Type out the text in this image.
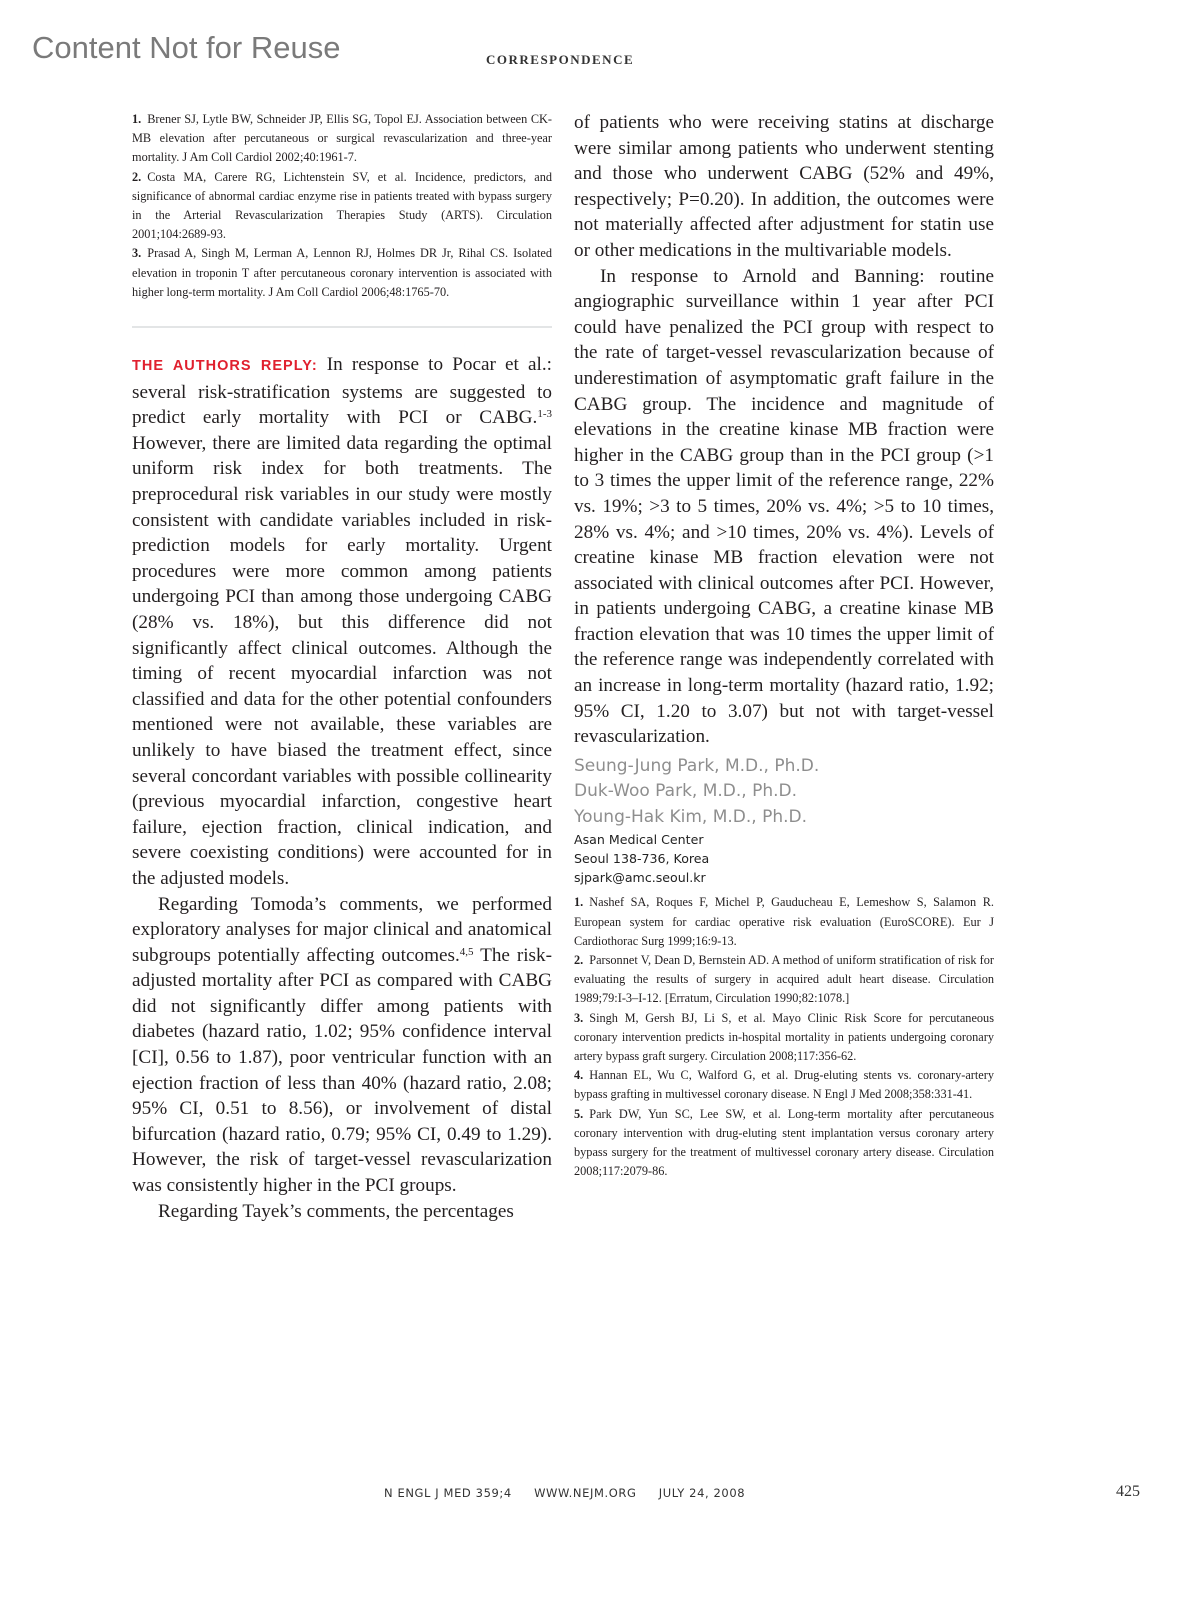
Content Not for Reuse	CORRESPONDENCE
1. Brener SJ, Lytle BW, Schneider JP, Ellis SG, Topol EJ. Association between CK-MB elevation after percutaneous or surgical revascularization and three-year mortality. J Am Coll Cardiol 2002;40:1961-7.
2. Costa MA, Carere RG, Lichtenstein SV, et al. Incidence, predictors, and significance of abnormal cardiac enzyme rise in patients treated with bypass surgery in the Arterial Revascularization Therapies Study (ARTS). Circulation 2001;104:2689-93.
3. Prasad A, Singh M, Lerman A, Lennon RJ, Holmes DR Jr, Rihal CS. Isolated elevation in troponin T after percutaneous coronary intervention is associated with higher long-term mortality. J Am Coll Cardiol 2006;48:1765-70.

THE AUTHORS REPLY: In response to Pocar et al.: several risk-stratification systems are suggested to predict early mortality with PCI or CABG.$^{1-3}$ However, there are limited data regarding the optimal uniform risk index for both treatments. The preprocedural risk variables in our study were mostly consistent with candidate variables included in risk-prediction models for early mortality. Urgent procedures were more common among patients undergoing PCI than among those undergoing CABG (28% vs. 18%), but this difference did not significantly affect clinical outcomes. Although the timing of recent myocardial infarction was not classified and data for the other potential confounders mentioned were not available, these variables are unlikely to have biased the treatment effect, since several concordant variables with possible collinearity (previous myocardial infarction, congestive heart failure, ejection fraction, clinical indication, and severe coexisting conditions) were accounted for in the adjusted models.

Regarding Tomoda’s comments, we performed exploratory analyses for major clinical and anatomical subgroups potentially affecting outcomes.$^{4,5}$ The risk-adjusted mortality after PCI as compared with CABG did not significantly differ among patients with diabetes (hazard ratio, 1.02; 95% confidence interval [CI], 0.56 to 1.87), poor ventricular function with an ejection fraction of less than 40% (hazard ratio, 2.08; 95% CI, 0.51 to 8.56), or involvement of distal bifurcation (hazard ratio, 0.79; 95% CI, 0.49 to 1.29). However, the risk of target-vessel revascularization was consistently higher in the PCI groups.

Regarding Tayek’s comments, the percentages

of patients who were receiving statins at discharge were similar among patients who underwent stenting and those who underwent CABG (52% and 49%, respectively; P=0.20). In addition, the outcomes were not materially affected after adjustment for statin use or other medications in the multivariable models.

In response to Arnold and Banning: routine angiographic surveillance within 1 year after PCI could have penalized the PCI group with respect to the rate of target-vessel revascularization because of underestimation of asymptomatic graft failure in the CABG group. The incidence and magnitude of elevations in the creatine kinase MB fraction were higher in the CABG group than in the PCI group (>1 to 3 times the upper limit of the reference range, 22% vs. 19%; >3 to 5 times, 20% vs. 4%; >5 to 10 times, 28% vs. 4%; and >10 times, 20% vs. 4%). Levels of creatine kinase MB fraction elevation were not associated with clinical outcomes after PCI. However, in patients undergoing CABG, a creatine kinase MB fraction elevation that was 10 times the upper limit of the reference range was independently correlated with an increase in long-term mortality (hazard ratio, 1.92; 95% CI, 1.20 to 3.07) but not with target-vessel revascularization.

Seung-Jung Park, M.D., Ph.D.
Duk-Woo Park, M.D., Ph.D.
Young-Hak Kim, M.D., Ph.D.
Asan Medical Center
Seoul 138-736, Korea
sjpark@amc.seoul.kr
1. Nashef SA, Roques F, Michel P, Gauducheau E, Lemeshow S, Salamon R. European system for cardiac operative risk evaluation (EuroSCORE). Eur J Cardiothorac Surg 1999;16:9-13.
2. Parsonnet V, Dean D, Bernstein AD. A method of uniform stratification of risk for evaluating the results of surgery in acquired adult heart disease. Circulation 1989;79:I-3–I-12. [Erratum, Circulation 1990;82:1078.]
3. Singh M, Gersh BJ, Li S, et al. Mayo Clinic Risk Score for percutaneous coronary intervention predicts in-hospital mortality in patients undergoing coronary artery bypass graft surgery. Circulation 2008;117:356-62.
4. Hannan EL, Wu C, Walford G, et al. Drug-eluting stents vs. coronary-artery bypass grafting in multivessel coronary disease. N Engl J Med 2008;358:331-41.
5. Park DW, Yun SC, Lee SW, et al. Long-term mortality after percutaneous coronary intervention with drug-eluting stent implantation versus coronary artery bypass surgery for the treatment of multivessel coronary artery disease. Circulation 2008;117:2079-86.
N ENGL J MED 359;4 WWW.NEJM.ORG JULY 24, 2008	425
